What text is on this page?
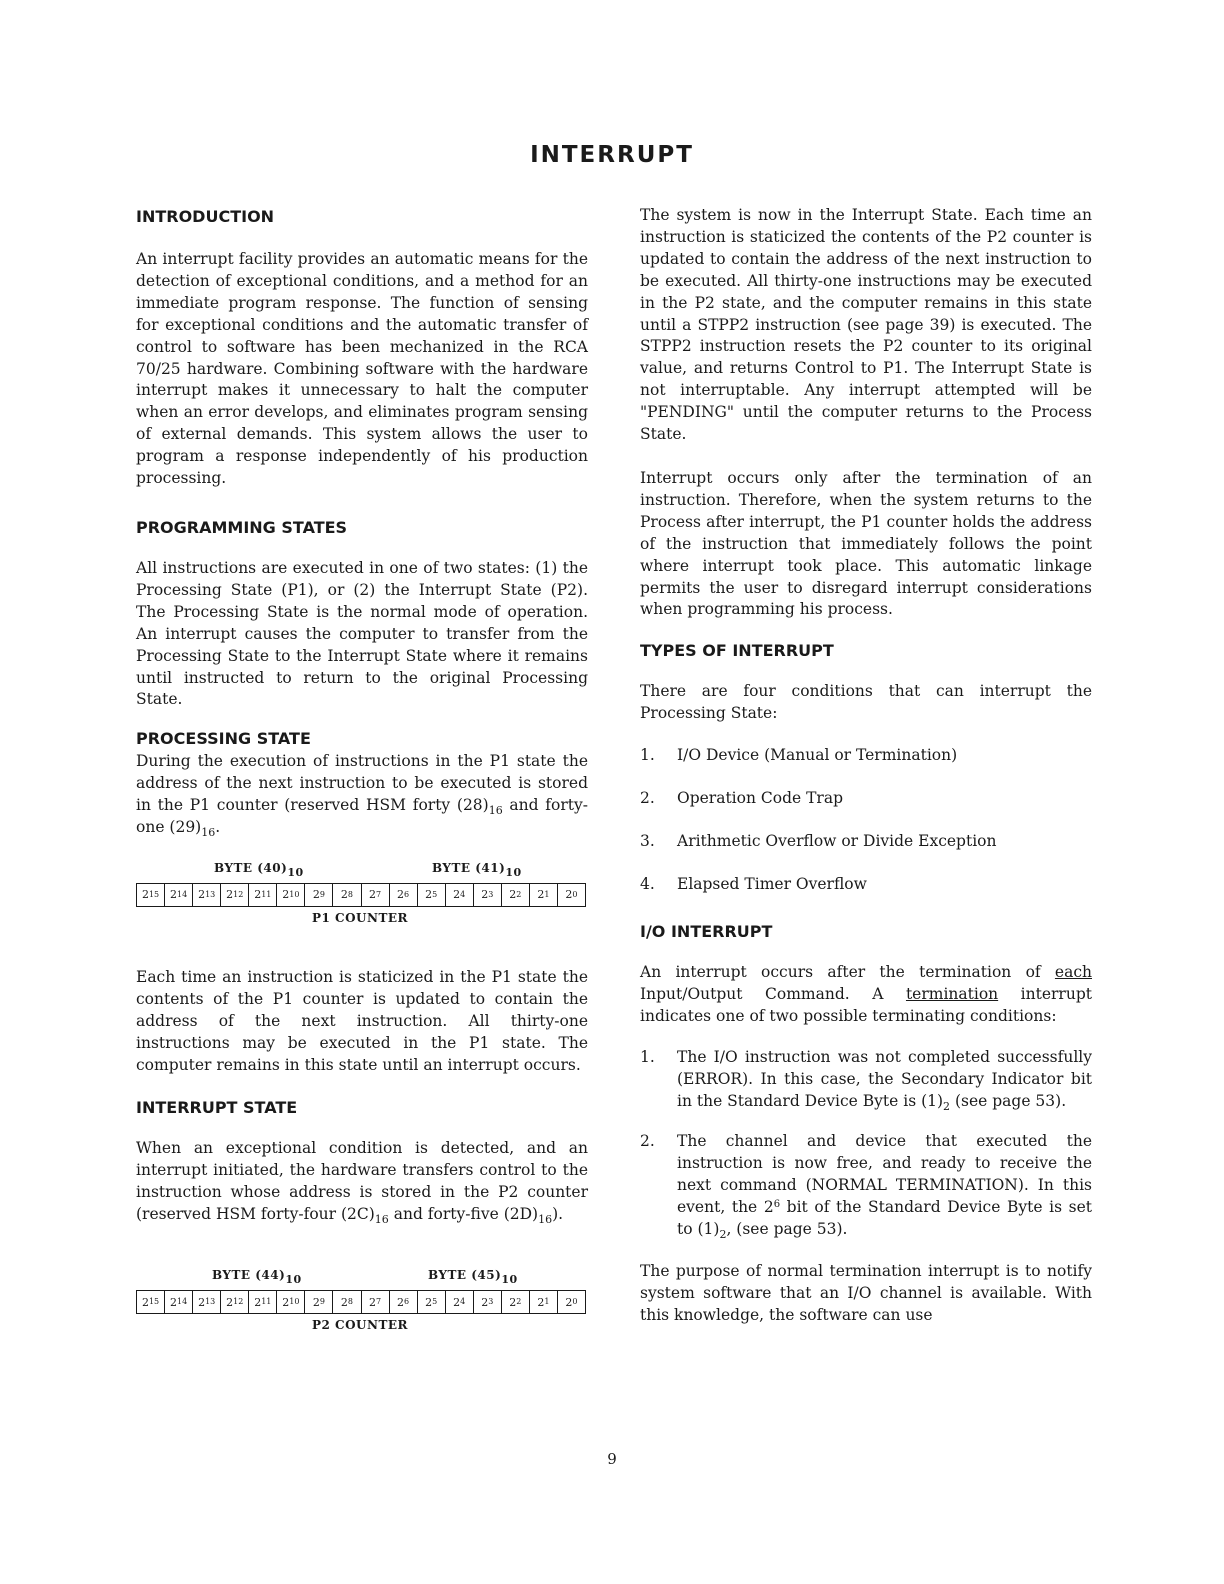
INTERRUPT
INTRODUCTION

An interrupt facility provides an automatic means for the detection of exceptional conditions, and a method for an immediate program response. The function of sensing for exceptional conditions and the automatic transfer of control to software has been mechanized in the RCA 70/25 hardware. Combining software with the hardware interrupt makes it unnecessary to halt the computer when an error develops, and eliminates program sensing of external demands. This system allows the user to program a response independently of his production processing.

PROGRAMMING STATES

All instructions are executed in one of two states: (1) the Processing State (P1), or (2) the Interrupt State (P2). The Processing State is the normal mode of operation. An interrupt causes the computer to transfer from the Processing State to the Interrupt State where it remains until instructed to return to the original Processing State.

PROCESSING STATE

During the execution of instructions in the P1 state the address of the next instruction to be executed is stored in the P1 counter (reserved HSM forty $(28)_{16}$ and forty-one $(29)_{16}$.

BYTE $(40)_{10}$	BYTE $(41)_{10}$
2 15 2 14 2 13 2 12 2 11 2 10 2 9 2 8 2 7 2 6 2 5 2 4 2 3 2 2 2 1 2 0
P1 COUNTER

Each time an instruction is staticized in the P1 state the contents of the P1 counter is updated to contain the address of the next instruction. All thirty-one instructions may be executed in the P1 state. The computer remains in this state until an interrupt occurs.

INTERRUPT STATE

When an exceptional condition is detected, and an interrupt initiated, the hardware transfers control to the instruction whose address is stored in the P2 counter (reserved HSM forty-four $(2C)_{16}$ and forty-five $(2D)_{16}$).

BYTE $(44)_{10}$	BYTE $(45)_{10}$
2 15 2 14 2 13 2 12 2 11 2 10 2 9 2 8 2 7 2 6 2 5 2 4 2 3 2 2 2 1 2 0
P2 COUNTER

The system is now in the Interrupt State. Each time an instruction is staticized the contents of the P2 counter is updated to contain the address of the next instruction to be executed. All thirty-one instructions may be executed in the P2 state, and the computer remains in this state until a STPP2 instruction (see page 39) is executed. The STPP2 instruction resets the P2 counter to its original value, and returns Control to P1. The Interrupt State is not interruptable. Any interrupt attempted will be "PENDING" until the computer returns to the Process State.

Interrupt occurs only after the termination of an instruction. Therefore, when the system returns to the Process after interrupt, the P1 counter holds the address of the instruction that immediately follows the point where interrupt took place. This automatic linkage permits the user to disregard interrupt considerations when programming his process.

TYPES OF INTERRUPT

There are four conditions that can interrupt the Processing State:

1. I/O Device (Manual or Termination)
2. Operation Code Trap
3. Arithmetic Overflow or Divide Exception
4. Elapsed Timer Overflow
I/O INTERRUPT

An interrupt occurs after the termination of each Input/Output Command. A termination interrupt indicates one of two possible terminating conditions:

1. The I/O instruction was not completed successfully (ERROR). In this case, the Secondary Indicator bit in the Standard Device Byte is $(1)_2$ (see page 53).
2. The channel and device that executed the instruction is now free, and ready to receive the next command (NORMAL TERMINATION). In this event, the $2^6$ bit of the Standard Device Byte is set to $(1)_2$, (see page 53).

The purpose of normal termination interrupt is to notify system software that an I/O channel is available. With this knowledge, the software can use

9
